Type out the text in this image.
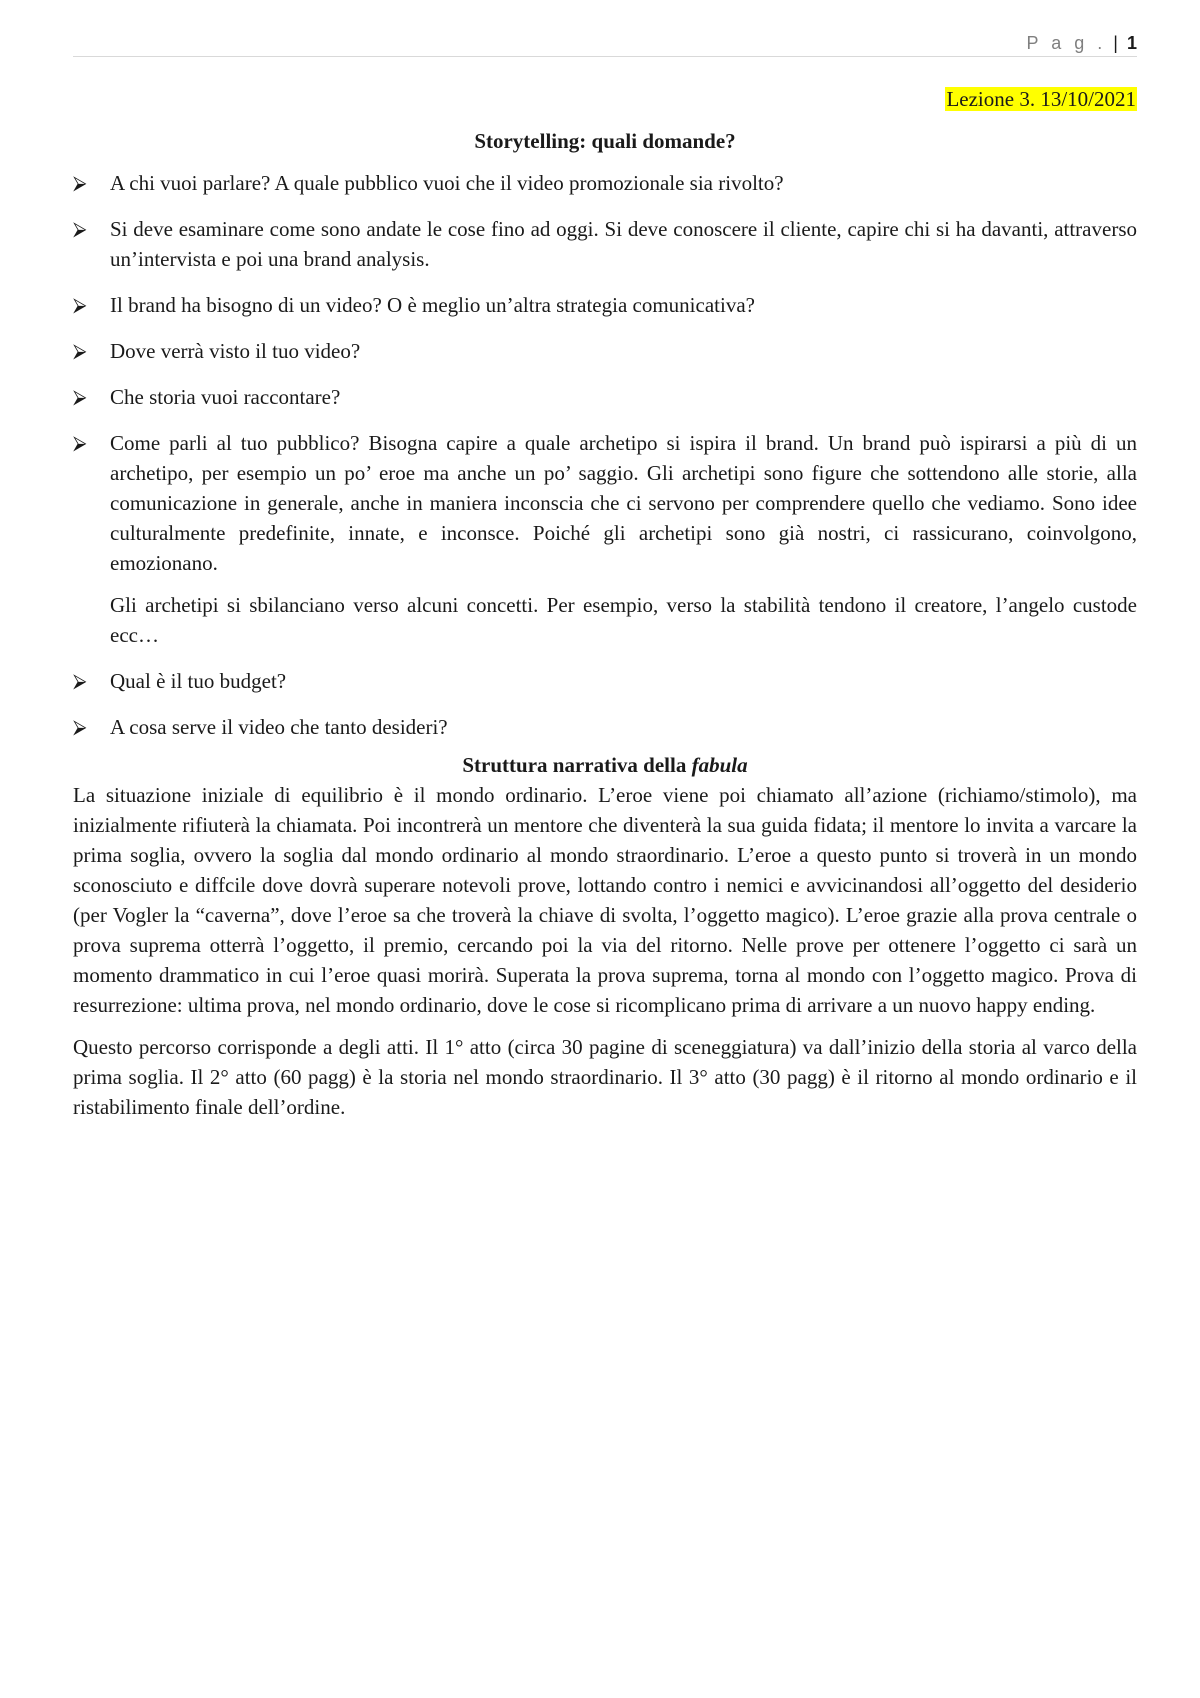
P a g . | 1

Lezione 3. 13/10/2021

Storytelling: quali domande?

⮚	A chi vuoi parlare? A quale pubblico vuoi che il video promozionale sia rivolto?
⮚	Si deve esaminare come sono andate le cose fino ad oggi. Si deve conoscere il cliente, capire chi si ha davanti, attraverso un’intervista e poi una brand analysis.
⮚	Il brand ha bisogno di un video? O è meglio un’altra strategia comunicativa?
⮚	Dove verrà visto il tuo video?
⮚	Che storia vuoi raccontare?
⮚	Come parli al tuo pubblico? Bisogna capire a quale archetipo si ispira il brand. Un brand può ispirarsi a più di un archetipo, per esempio un po’ eroe ma anche un po’ saggio. Gli archetipi sono figure che sottendono alle storie, alla comunicazione in generale, anche in maniera inconscia che ci servono per comprendere quello che vediamo. Sono idee culturalmente predefinite, innate, e inconsce. Poiché gli archetipi sono già nostri, ci rassicurano, coinvolgono, emozionano.

Gli archetipi si sbilanciano verso alcuni concetti. Per esempio, verso la stabilità tendono il creatore, l’angelo custode ecc…

⮚	Qual è il tuo budget?
⮚	A cosa serve il video che tanto desideri?

Struttura narrativa della fabula

La situazione iniziale di equilibrio è il mondo ordinario. L’eroe viene poi chiamato all’azione (richiamo/stimolo), ma inizialmente rifiuterà la chiamata. Poi incontrerà un mentore che diventerà la sua guida fidata; il mentore lo invita a varcare la prima soglia, ovvero la soglia dal mondo ordinario al mondo straordinario. L’eroe a questo punto si troverà in un mondo sconosciuto e diffcile dove dovrà superare notevoli prove, lottando contro i nemici e avvicinandosi all’oggetto del desiderio (per Vogler la “caverna”, dove l’eroe sa che troverà la chiave di svolta, l’oggetto magico). L’eroe grazie alla prova centrale o prova suprema otterrà l’oggetto, il premio, cercando poi la via del ritorno. Nelle prove per ottenere l’oggetto ci sarà un momento drammatico in cui l’eroe quasi morirà. Superata la prova suprema, torna al mondo con l’oggetto magico. Prova di resurrezione: ultima prova, nel mondo ordinario, dove le cose si ricomplicano prima di arrivare a un nuovo happy ending.

Questo percorso corrisponde a degli atti. Il 1° atto (circa 30 pagine di sceneggiatura) va dall’inizio della storia al varco della prima soglia. Il 2° atto (60 pagg) è la storia nel mondo straordinario. Il 3° atto (30 pagg) è il ritorno al mondo ordinario e il ristabilimento finale dell’ordine.
